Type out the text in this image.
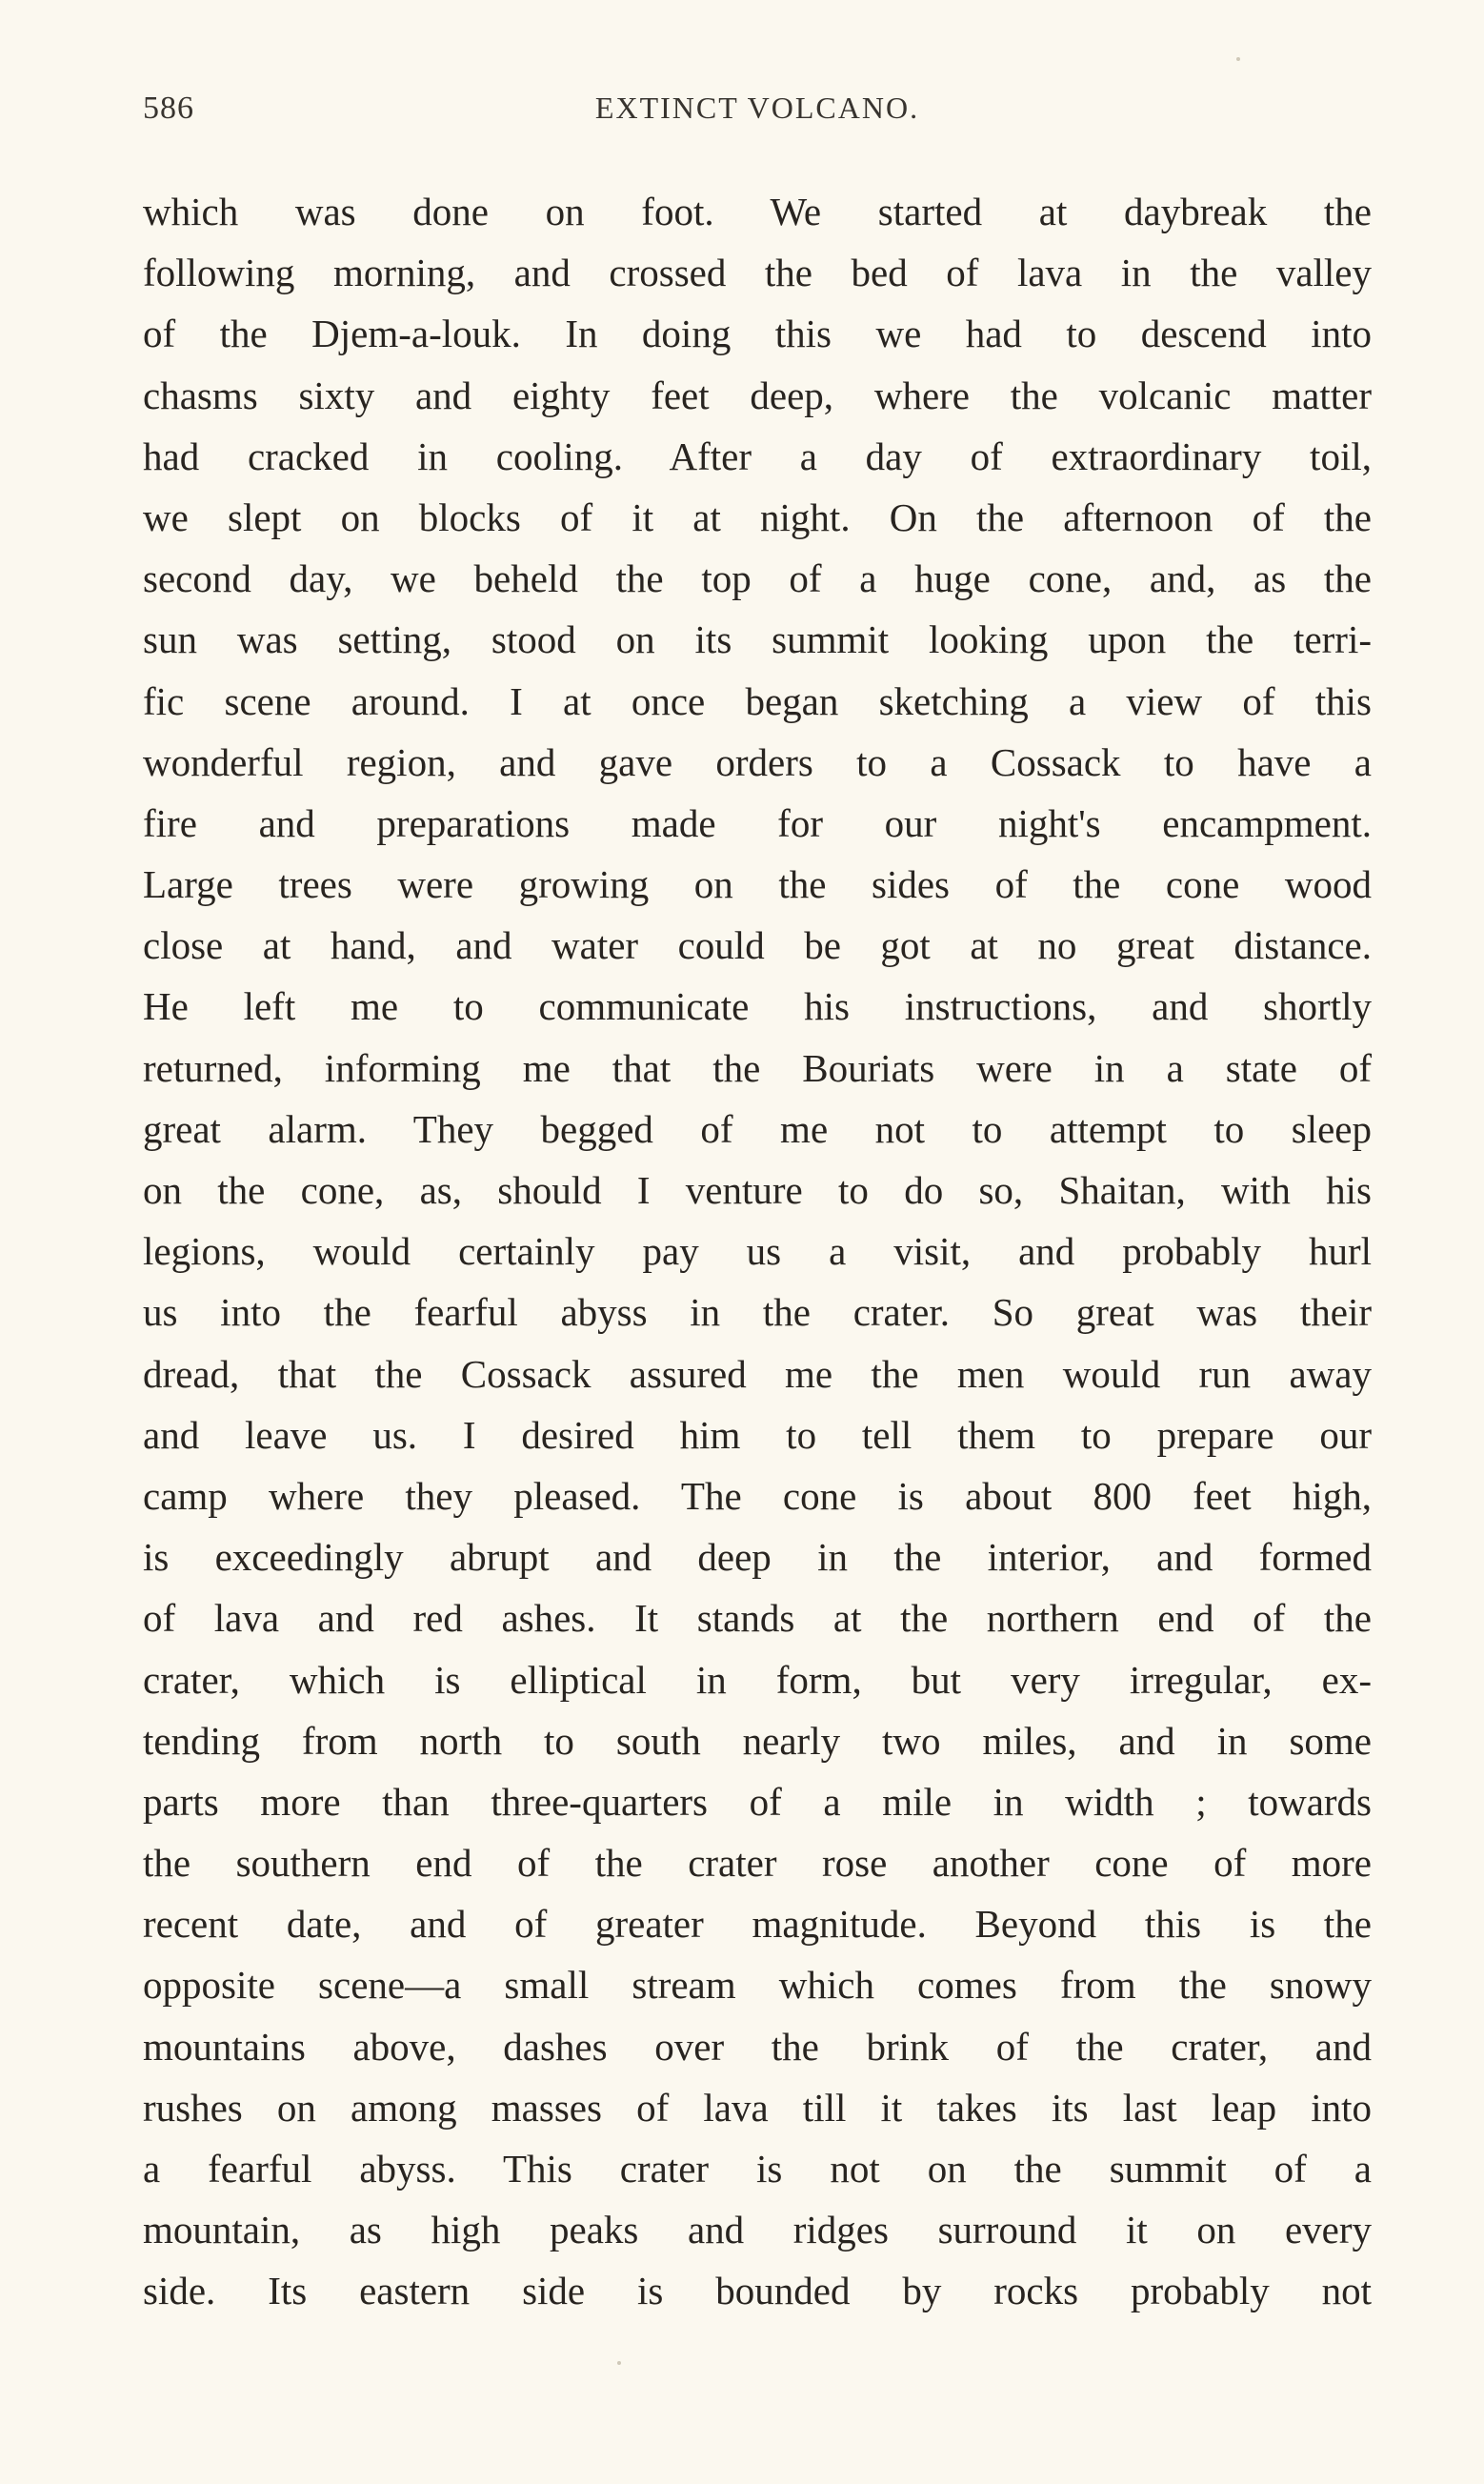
EXTINCT VOLCANO.
586
which was done on foot. We started at daybreak the
following morning, and crossed the bed of lava in the valley
of the Djem-a-louk. In doing this we had to descend into
chasms sixty and eighty feet deep, where the volcanic matter
had cracked in cooling. After a day of extraordinary toil,
we slept on blocks of it at night. On the afternoon of the
second day, we beheld the top of a huge cone, and, as the
sun was setting, stood on its summit looking upon the terri-
fic scene around. I at once began sketching a view of this
wonderful region, and gave orders to a Cossack to have a
fire and preparations made for our night's encampment.
Large trees were growing on the sides of the cone wood
close at hand, and water could be got at no great distance.
He left me to communicate his instructions, and shortly
returned, informing me that the Bouriats were in a state of
great alarm. They begged of me not to attempt to sleep
on the cone, as, should I venture to do so, Shaitan, with his
legions, would certainly pay us a visit, and probably hurl
us into the fearful abyss in the crater. So great was their
dread, that the Cossack assured me the men would run away
and leave us. I desired him to tell them to prepare our
camp where they pleased. The cone is about 800 feet high,
is exceedingly abrupt and deep in the interior, and formed
of lava and red ashes. It stands at the northern end of the
crater, which is elliptical in form, but very irregular, ex-
tending from north to south nearly two miles, and in some
parts more than three-quarters of a mile in width ; towards
the southern end of the crater rose another cone of more
recent date, and of greater magnitude. Beyond this is the
opposite scene—a small stream which comes from the snowy
mountains above, dashes over the brink of the crater, and
rushes on among masses of lava till it takes its last leap into
a fearful abyss. This crater is not on the summit of a
mountain, as high peaks and ridges surround it on every
side. Its eastern side is bounded by rocks probably not
